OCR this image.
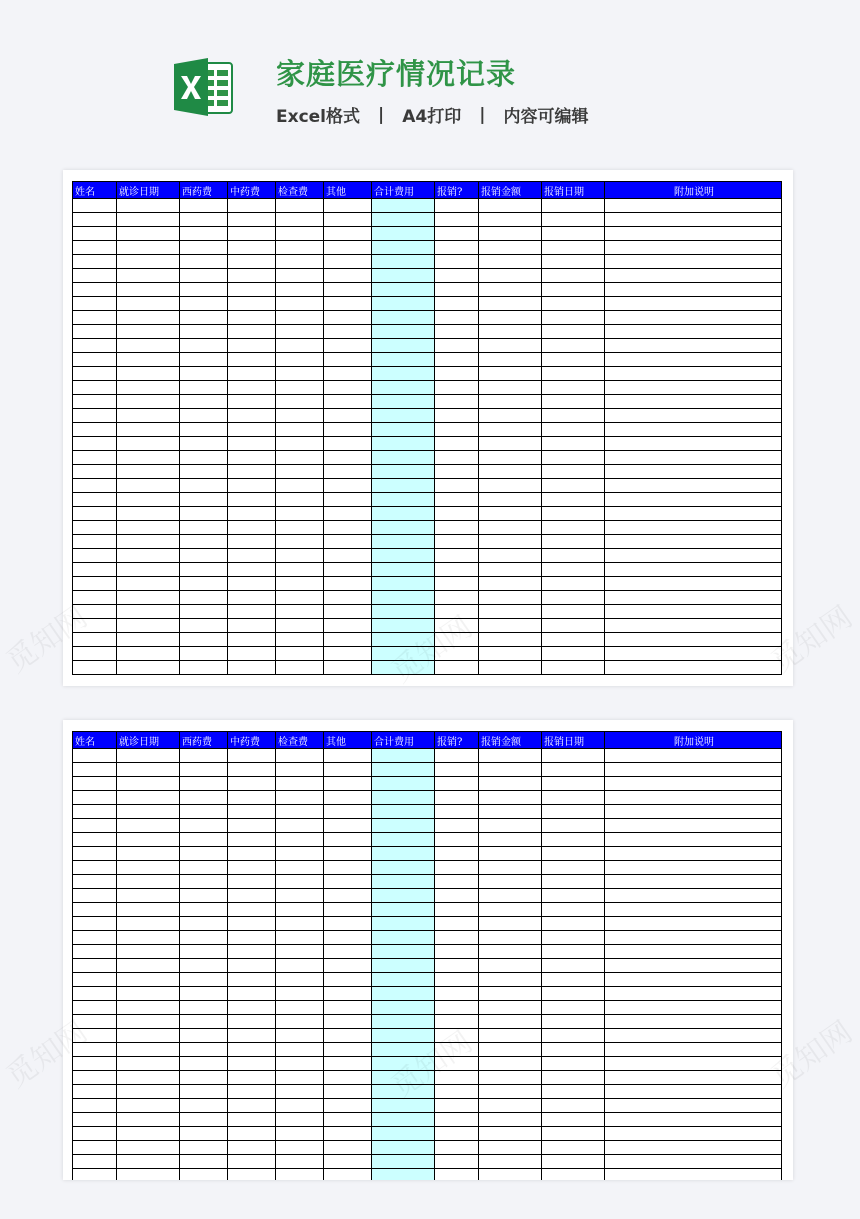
家庭医疗情况记录
Excel格式 | A4打印 | 内容可编辑
姓名	就诊日期	西药费	中药费	检查费	其他	合计费用	报销?	报销金额	报销日期	附加说明

姓名	就诊日期	西药费	中药费	检查费	其他	合计费用	报销?	报销金额	报销日期	附加说明

觅知网	觅知网
觅知网	觅知网
